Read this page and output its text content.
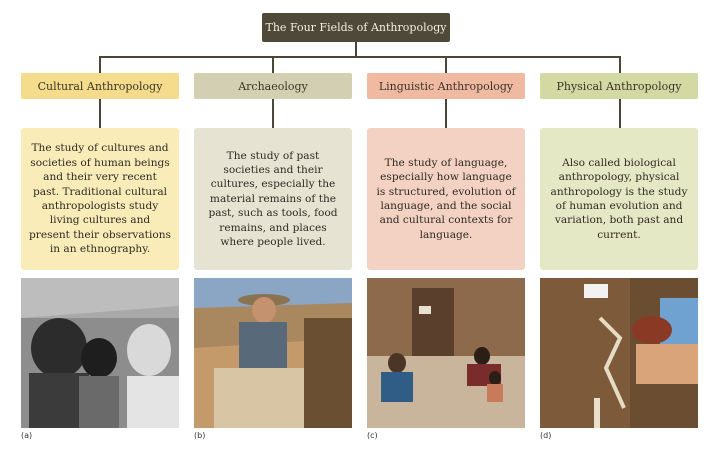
The Four Fields of Anthropology
Cultural Anthropology	Archaeology	Linguistic Anthropology	Physical Anthropology
The study of cultures and societies of human beings and their very recent past. Traditional cultural anthropologists study living cultures and present their observations in an ethnography.
The study of past societies and their cultures, especially the material remains of the past, such as tools, food remains, and places where people lived.
The study of language, especially how language is structured, evolution of language, and the social and cultural contexts for language.
Also called biological anthropology, physical anthropology is the study of human evolution and variation, both past and current.
(a)	(b)	(c)	(d)
